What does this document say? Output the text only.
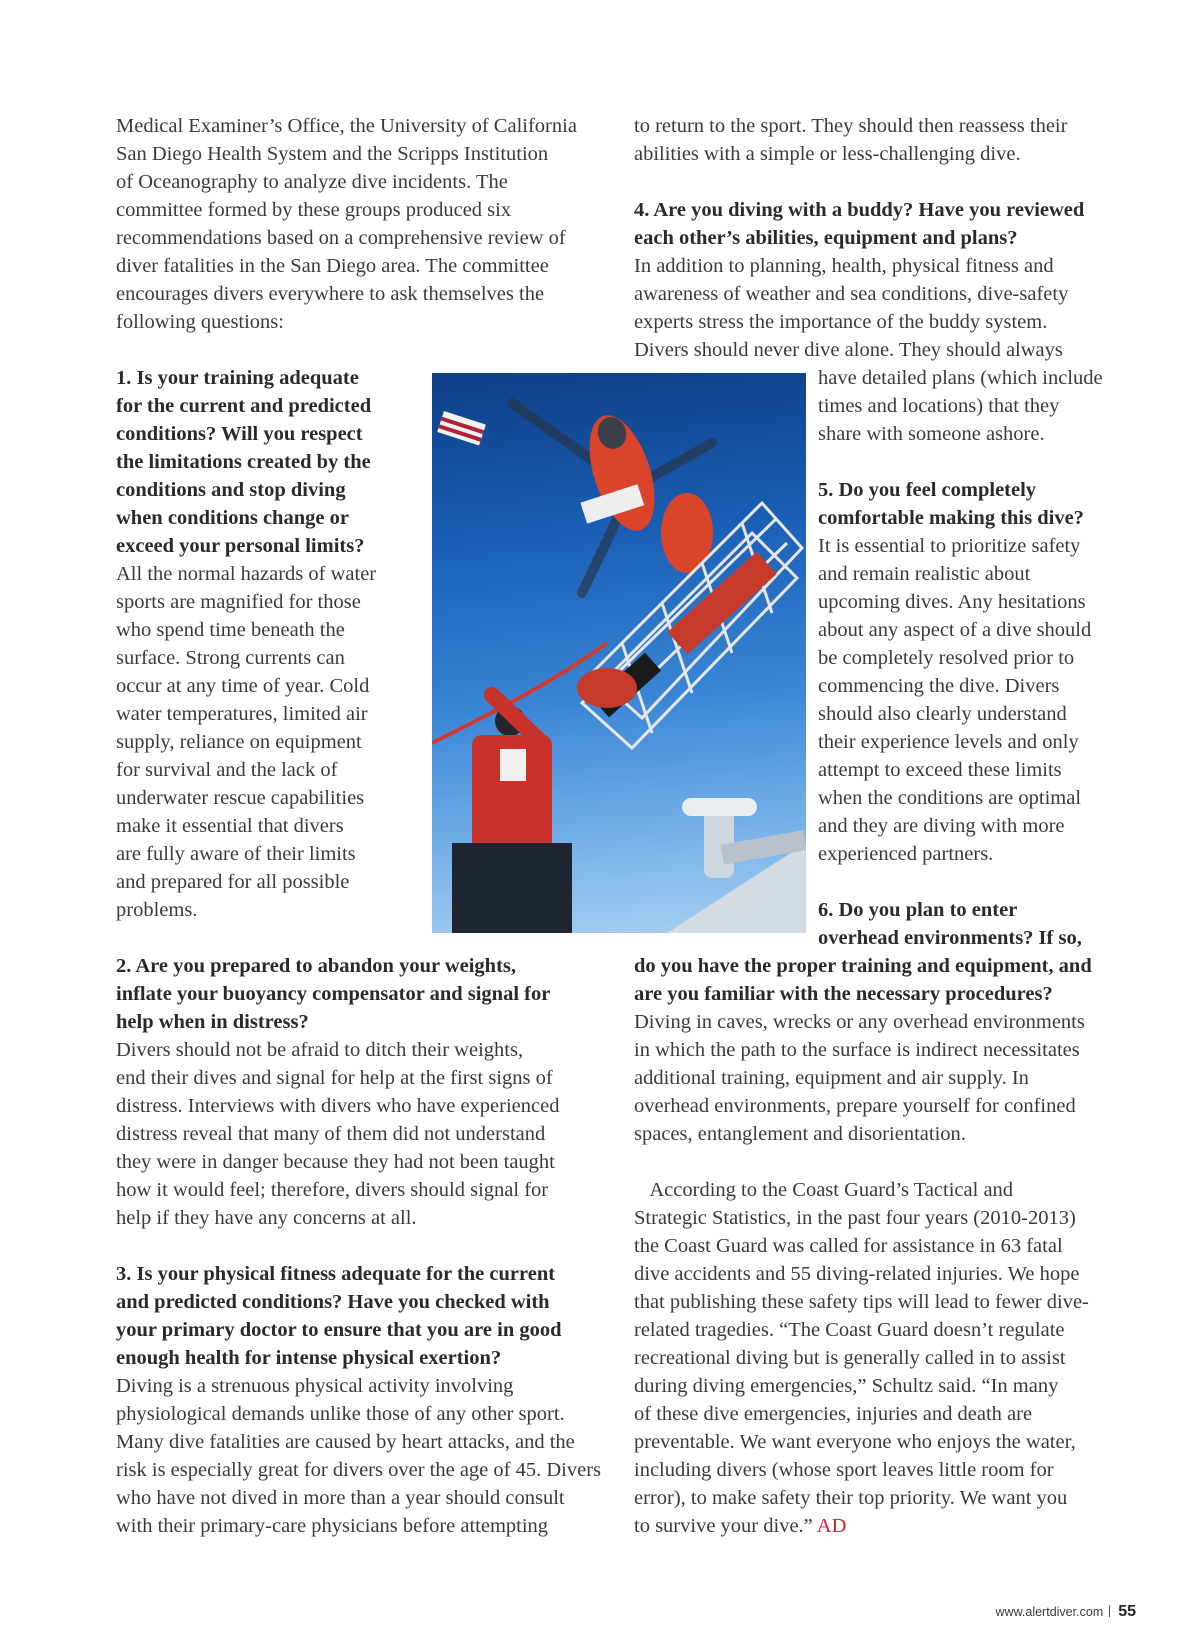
Medical Examiner’s Office, the University of California
San Diego Health System and the Scripps Institution
of Oceanography to analyze dive incidents. The
committee formed by these groups produced six
recommendations based on a comprehensive review of
diver fatalities in the San Diego area. The committee
encourages divers everywhere to ask themselves the
following questions:
1. Is your training adequate
for the current and predicted
conditions? Will you respect
the limitations created by the
conditions and stop diving
when conditions change or
exceed your personal limits?
All the normal hazards of water
sports are magnified for those
who spend time beneath the
surface. Strong currents can
occur at any time of year. Cold
water temperatures, limited air
supply, reliance on equipment
for survival and the lack of
underwater rescue capabilities
make it essential that divers
are fully aware of their limits
and prepared for all possible
problems.
2. Are you prepared to abandon your weights,
inflate your buoyancy compensator and signal for
help when in distress?
Divers should not be afraid to ditch their weights,
end their dives and signal for help at the first signs of
distress. Interviews with divers who have experienced
distress reveal that many of them did not understand
they were in danger because they had not been taught
how it would feel; therefore, divers should signal for
help if they have any concerns at all.
3. Is your physical fitness adequate for the current
and predicted conditions? Have you checked with
your primary doctor to ensure that you are in good
enough health for intense physical exertion?
Diving is a strenuous physical activity involving
physiological demands unlike those of any other sport.
Many dive fatalities are caused by heart attacks, and the
risk is especially great for divers over the age of 45. Divers
who have not dived in more than a year should consult
with their primary-care physicians before attempting
to return to the sport. They should then reassess their
abilities with a simple or less-challenging dive.
4. Are you diving with a buddy? Have you reviewed
each other’s abilities, equipment and plans?
In addition to planning, health, physical fitness and
awareness of weather and sea conditions, dive-safety
experts stress the importance of the buddy system.
Divers should never dive alone. They should always
have detailed plans (which include
times and locations) that they
share with someone ashore.
5. Do you feel completely
comfortable making this dive?
It is essential to prioritize safety
and remain realistic about
upcoming dives. Any hesitations
about any aspect of a dive should
be completely resolved prior to
commencing the dive. Divers
should also clearly understand
their experience levels and only
attempt to exceed these limits
when the conditions are optimal
and they are diving with more
experienced partners.
6. Do you plan to enter
overhead environments? If so,
do you have the proper training and equipment, and
are you familiar with the necessary procedures?
Diving in caves, wrecks or any overhead environments
in which the path to the surface is indirect necessitates
additional training, equipment and air supply. In
overhead environments, prepare yourself for confined
spaces, entanglement and disorientation.
According to the Coast Guard’s Tactical and
Strategic Statistics, in the past four years (2010-2013)
the Coast Guard was called for assistance in 63 fatal
dive accidents and 55 diving-related injuries. We hope
that publishing these safety tips will lead to fewer dive-
related tragedies. “The Coast Guard doesn’t regulate
recreational diving but is generally called in to assist
during diving emergencies,” Schultz said. “In many
of these dive emergencies, injuries and death are
preventable. We want everyone who enjoys the water,
including divers (whose sport leaves little room for
error), to make safety their top priority. We want you
to survive your dive.” AD
www.alertdiver.com 55
